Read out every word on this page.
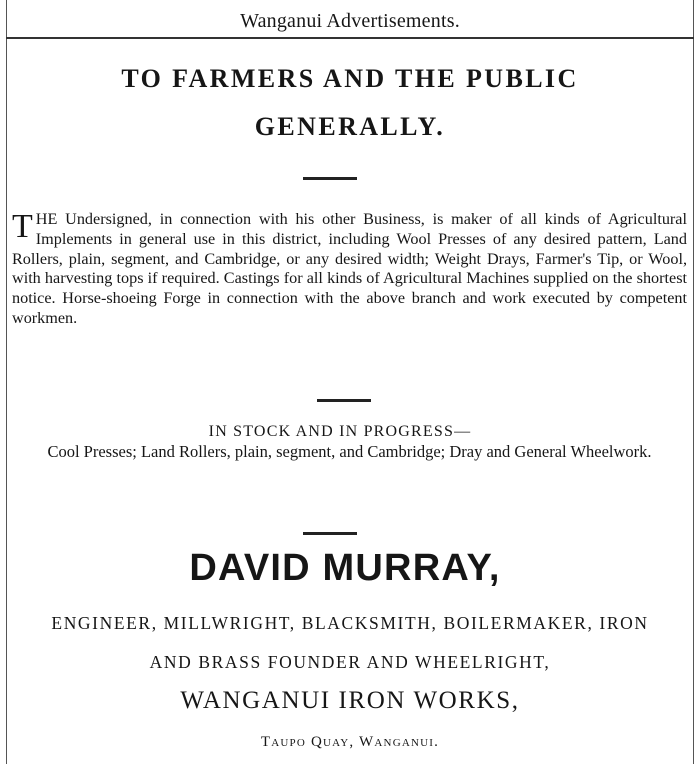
Wanganui Advertisements.
TO FARMERS AND THE PUBLIC
GENERALLY.
T HE Undersigned, in connection with his other Business, is maker of all kinds of Agricultural Implements in general use in this district, including Wool Presses of any desired pattern, Land Rollers, plain, segment, and Cambridge, or any desired width; Weight Drays, Farmer's Tip, or Wool, with harvesting tops if required. Castings for all kinds of Agricultural Machines supplied on the shortest notice. Horse-shoeing Forge in connection with the above branch and work executed by competent workmen.
IN STOCK AND IN PROGRESS—
Cool Presses; Land Rollers, plain, segment, and Cambridge; Dray and General Wheelwork.
DAVID MURRAY,
ENGINEER, MILLWRIGHT, BLACKSMITH, BOILERMAKER, IRON
AND BRASS FOUNDER AND WHEELRIGHT,
WANGANUI IRON WORKS,
Taupo Quay, Wanganui.
